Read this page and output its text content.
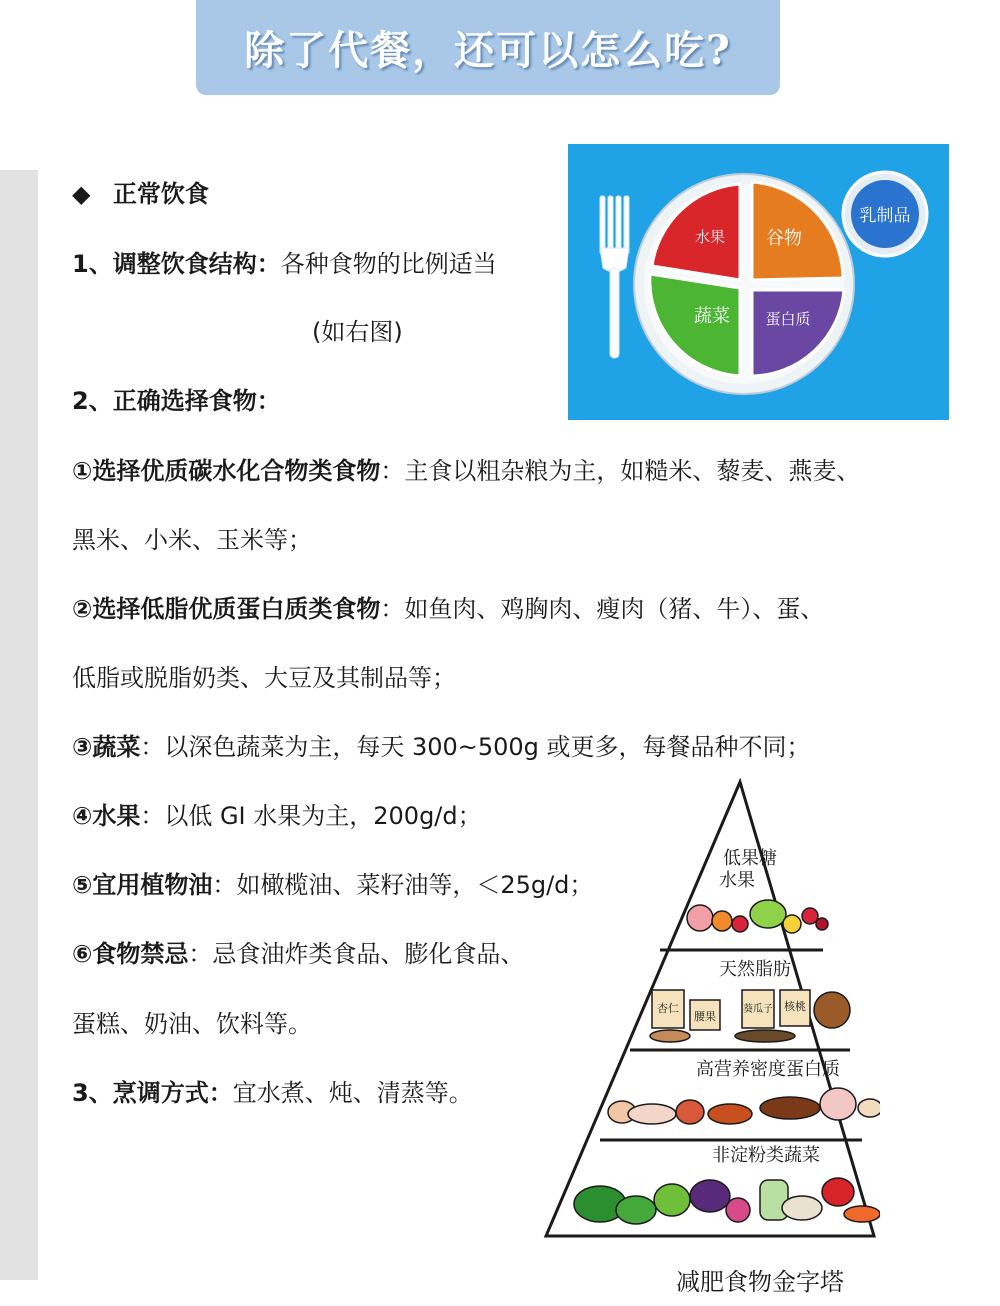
除了代餐，还可以怎么吃?
◆ 正常饮食
1、调整饮食结构：各种食物的比例适当
(如右图)
2、正确选择食物：
①选择优质碳水化合物类食物：主食以粗杂粮为主，如糙米、藜麦、燕麦、
黑米、小米、玉米等；
②选择低脂优质蛋白质类食物：如鱼肉、鸡胸肉、瘦肉（猪、牛）、蛋、
低脂或脱脂奶类、大豆及其制品等；
③蔬菜：以深色蔬菜为主，每天 300~500g 或更多，每餐品种不同；
④水果：以低 GI 水果为主，200g/d；
⑤宜用植物油：如橄榄油、菜籽油等，＜25g/d；
⑥食物禁忌：忌食油炸类食品、膨化食品、
蛋糕、奶油、饮料等。
3、烹调方式：宜水煮、炖、清蒸等。
水果 谷物
蔬菜 蛋白质
乳制品
低果糖
水果
天然脂肪
高营养密度蛋白质
非淀粉类蔬菜
杏仁
腰果
葵瓜子 核桃
减肥食物金字塔
